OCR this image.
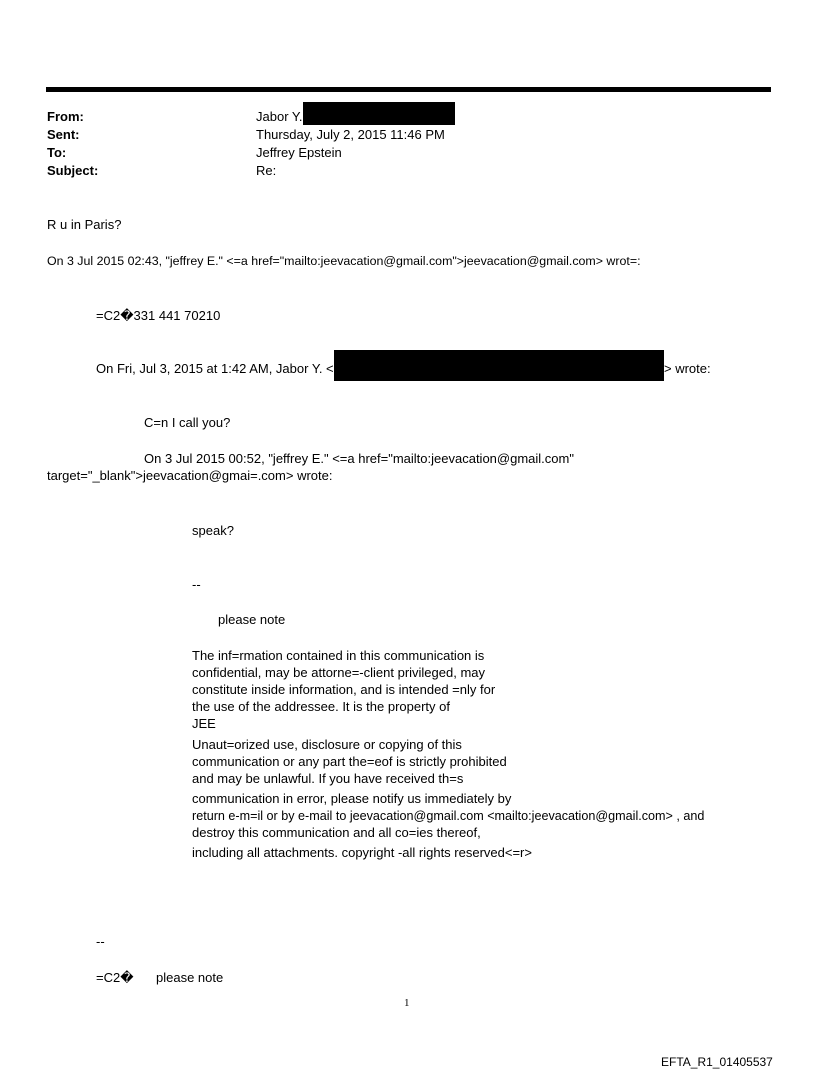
From:	Jabor Y.
Sent:	Thursday, July 2, 2015 11:46 PM
To:	Jeffrey Epstein
Subject:	Re:
R u in Paris?
On 3 Jul 2015 02:43, "jeffrey E." <=a href="mailto:jeevacation@gmail.com">jeevacation@gmail.com> wrot=:
=C2�331 441 70210
On Fri, Jul 3, 2015 at 1:42 AM, Jabor Y. <	> wrote:
C=n I call you?
On 3 Jul 2015 00:52, "jeffrey E." <=a href="mailto:jeevacation@gmail.com"
target="_blank">jeevacation@gmai=.com> wrote:
speak?
--
please note
The inf=rmation contained in this communication is
confidential, may be attorne=-client privileged, may
constitute inside information, and is intended =nly for
the use of the addressee. It is the property of
JEE
Unaut=orized use, disclosure or copying of this
communication or any part the=eof is strictly prohibited
and may be unlawful. If you have received th=s
communication in error, please notify us immediately by
return e-m=il or by e-mail to jeevacation@gmail.com <mailto:jeevacation@gmail.com> , and
destroy this communication and all co=ies thereof,
including all attachments. copyright -all rights reserved<=r>
--
=C2� please note
1
EFTA_R1_01405537
